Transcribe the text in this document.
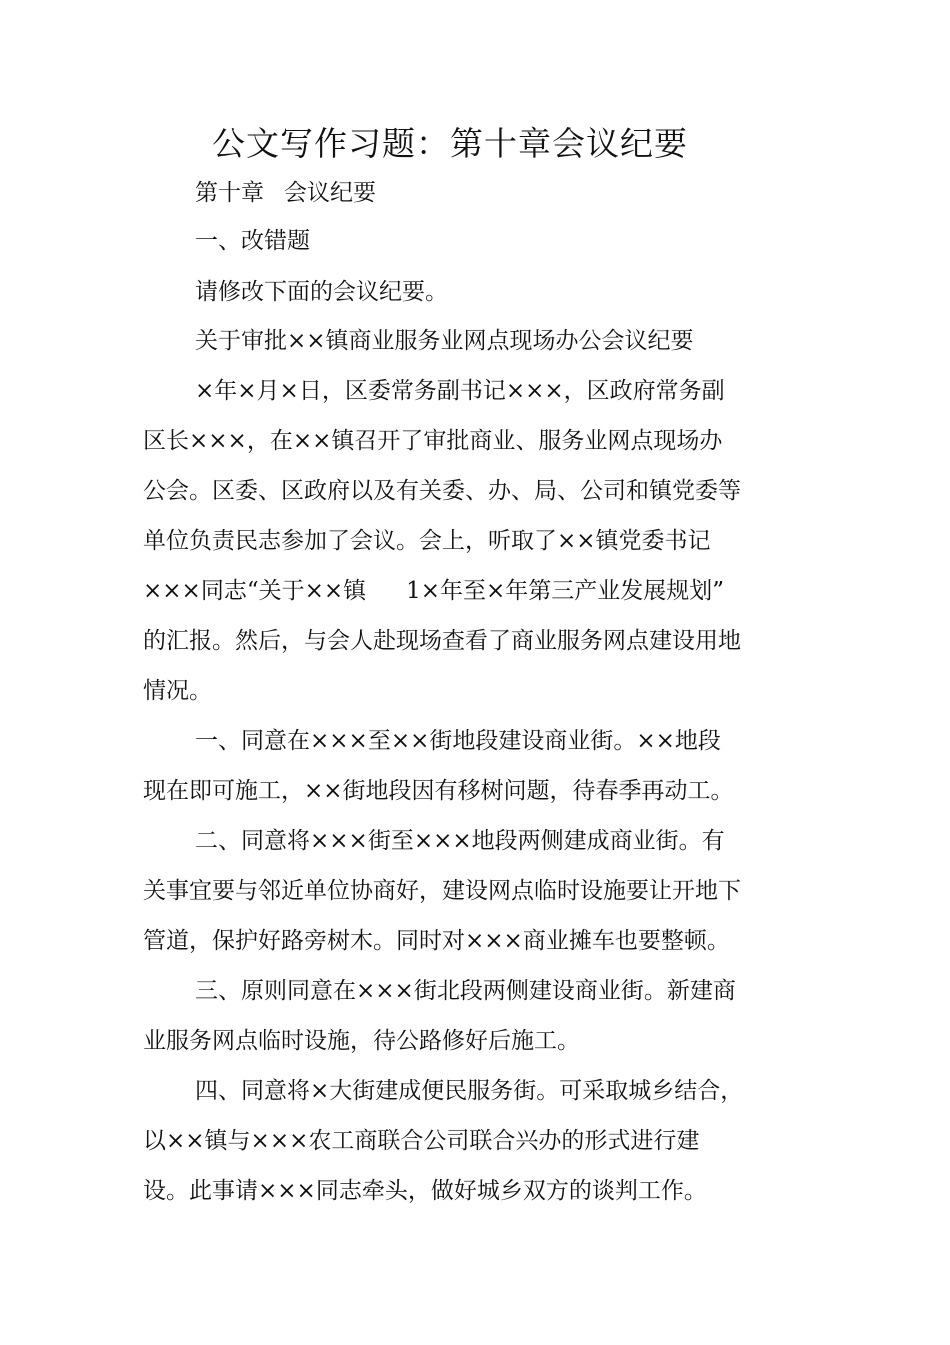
公文写作习题：第十章会议纪要
第十章 会议纪要
一、改错题
请修改下面的会议纪要。
关于审批××镇商业服务业网点现场办公会议纪要
×年×月×日，区委常务副书记×××，区政府常务副
区长×××，在××镇召开了审批商业、服务业网点现场办
公会。区委、区政府以及有关委、办、局、公司和镇党委等
单位负责民志参加了会议。会上，听取了××镇党委书记
×××同志“关于××镇 1×年至×年第三产业发展规划”
的汇报。然后，与会人赴现场查看了商业服务网点建设用地
情况。
一、同意在×××至××街地段建设商业街。××地段
现在即可施工，××街地段因有移树问题，待春季再动工。
二、同意将×××街至×××地段两侧建成商业街。有
关事宜要与邻近单位协商好，建设网点临时设施要让开地下
管道，保护好路旁树木。同时对×××商业摊车也要整顿。
三、原则同意在×××街北段两侧建设商业街。新建商
业服务网点临时设施，待公路修好后施工。
四、同意将×大街建成便民服务街。可采取城乡结合，
以××镇与×××农工商联合公司联合兴办的形式进行建
设。此事请×××同志牵头，做好城乡双方的谈判工作。
